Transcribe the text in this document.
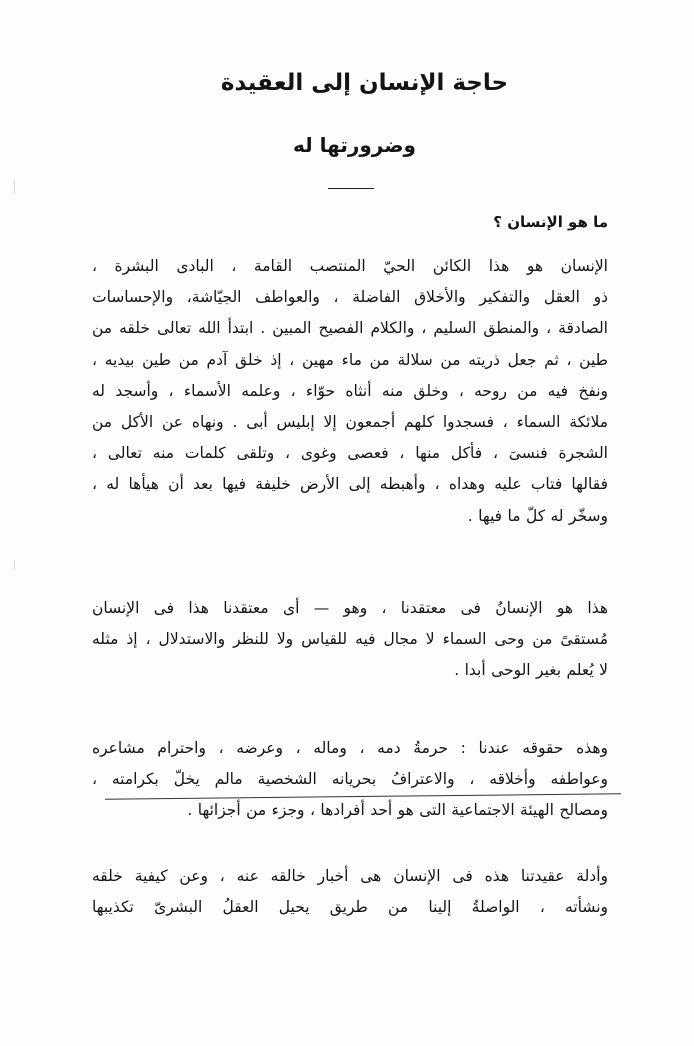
حاجة الإنسان إلى العقيدة
وضرورتها له
ما هو الإنسان ؟
الإنسان هو هذا الكائن الحيّ المنتصب القامة ، البادى البشرة ،
ذو العقل والتفكير والأخلاق الفاضلة ، والعواطف الجيّاشة، والإحساسات
الصادقة ، والمنطق السليم ، والكلام الفصيح المبين . ابتدأ الله تعالى خلقه من
طين ، ثم جعل ذريته من سلالة من ماء مهين ، إذ خلق آدم من طين بيديه ،
ونفخ فيه من روحه ، وخلق منه أنثاه حوّاء ، وعلمه الأسماء ، وأسجد له
ملائكة السماء ، فسجدوا كلهم أجمعون إلا إبليس أبى . ونهاه عن الأكل من
الشجرة فنسىَ ، فأكل منها ، فعصى وغوى ، وتلقى كلمات منه تعالى ،
فقالها فتاب عليه وهداه ، وأهبطه إلى الأرض خليفة فيها بعد أن هيأها له ،
وسخّر له كلّ ما فيها .
هذا هو الإنسانُ فى معتقدنا ، وهو — أى معتقدنا هذا فى الإنسان
مُستقىً من وحى السماء لا مجال فيه للقياس ولا للنظر والاستدلال ، إذ مثله
لا يُعلم بغير الوحى أبدا .
وهذه حقوقه عندنا : حرمةُ دمه ، وماله ، وعرضه ، واحترام مشاعره
وعواطفه وأخلاقه ، والاعترافُ بحريانه الشخصية مالم يخلّ بكرامته ،
ومصالح الهيئة الاجتماعية التى هو أحد أفرادها ، وجزء من أجزائها .
وأدلة عقيدتنا هذه فى الإنسان هى أخبار خالقه عنه ، وعن كيفية خلقه
ونشأته ، الواصلةُ إلينا من طريق يحيل العقلُ البشرىّ تكذيبها
